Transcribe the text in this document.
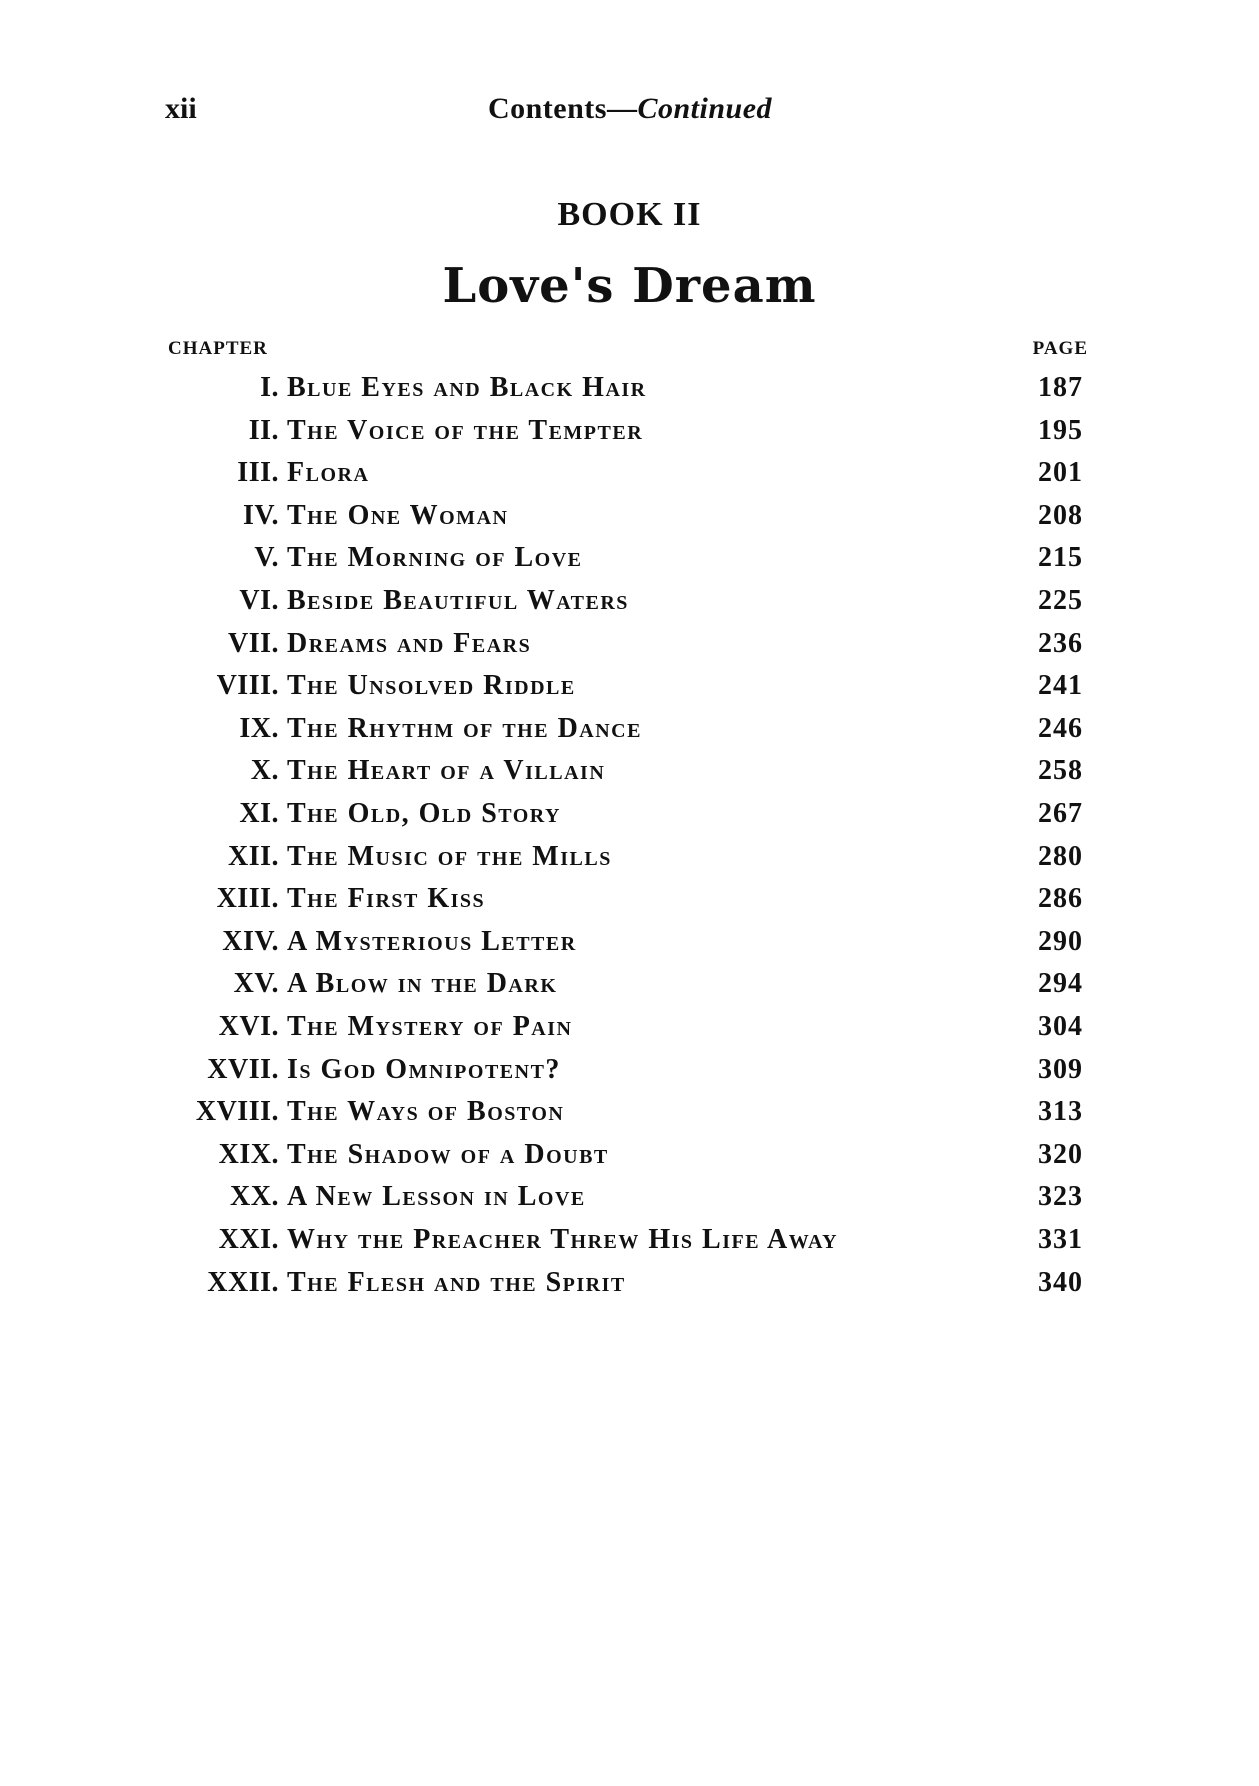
xii	Contents—Continued
BOOK II
Love's Dream
CHAPTER	PAGE
I. Blue Eyes and Black Hair	187
II. The Voice of the Tempter	195
III. Flora	201
IV. The One Woman	208
V. The Morning of Love	215
VI. Beside Beautiful Waters	225
VII. Dreams and Fears	236
VIII. The Unsolved Riddle	241
IX. The Rhythm of the Dance	246
X. The Heart of a Villain	258
XI. The Old, Old Story	267
XII. The Music of the Mills	280
XIII. The First Kiss	286
XIV. A Mysterious Letter	290
XV. A Blow in the Dark	294
XVI. The Mystery of Pain	304
XVII. Is God Omnipotent?	309
XVIII. The Ways of Boston	313
XIX. The Shadow of a Doubt	320
XX. A New Lesson in Love	323
XXI. Why the Preacher Threw His Life Away	331
XXII. The Flesh and the Spirit	340
